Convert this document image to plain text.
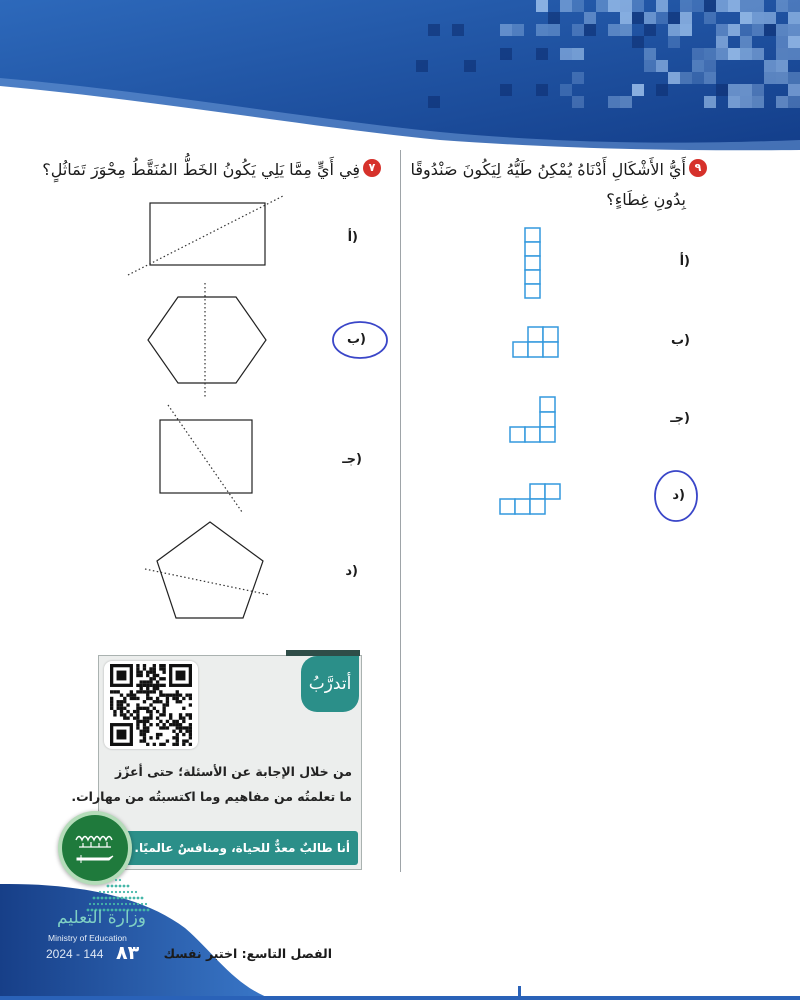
٩
أَيُّ الأَشْكَالِ أَدْنَاهُ يُمْكِنُ طَيُّهُ لِيَكُونَ صَنْدُوقًا
بِدُونِ غِطَاءٍ؟
٧
فِي أَيٍّ مِمَّا يَلِي يَكُونُ الخَطُّ المُنَقَّطُ مِحْوَرَ تَمَاثُلٍ؟
أ)
ب)
جـ)
د)
أ)
ب)
جـ)
د)
أتدرَّبُ
من خلال الإجابة عن الأسئلة؛ حتى أعزّز
ما تعلمتُه من مفاهيم وما اكتسبتُه من مهارات.
أنا طالبٌ معدٌّ للحياة، ومنافسٌ عالميًا.
وزارة التعليم
Ministry of Education
2024 - 144 ٨٣ الفصل التاسع: اختبر نفسك
